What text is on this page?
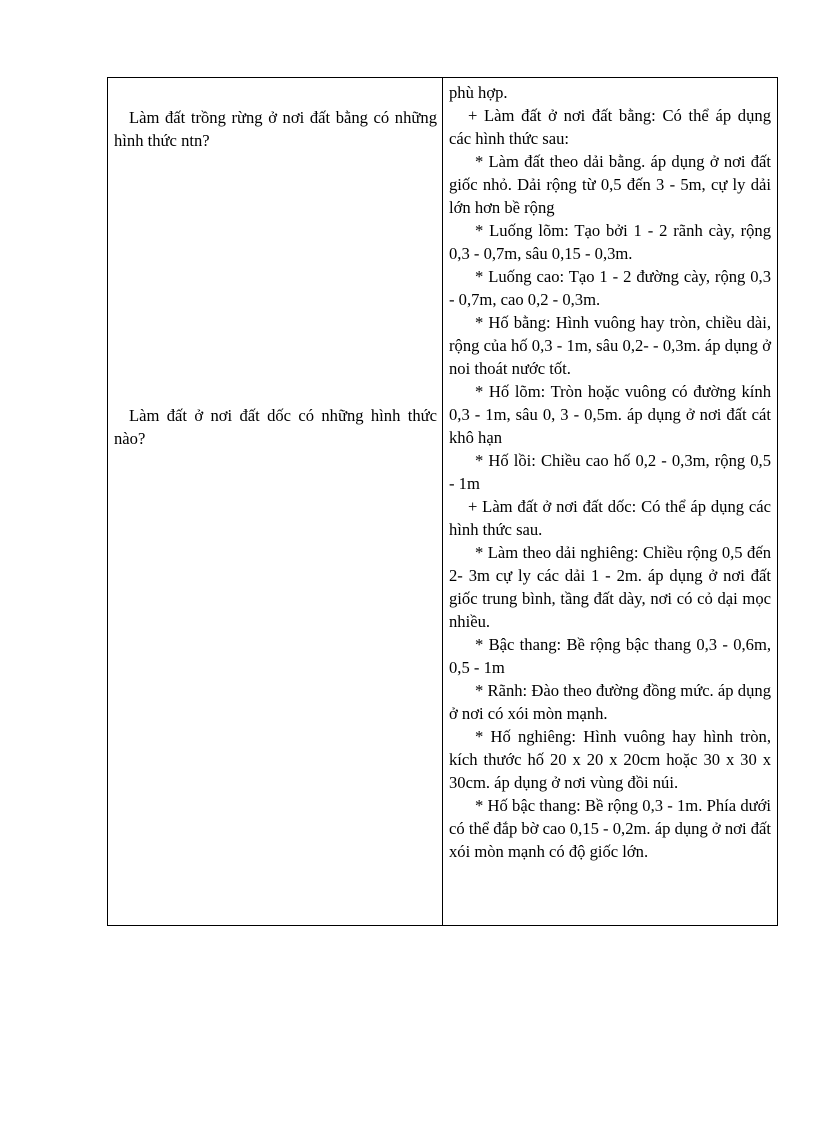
Làm đất trồng rừng ở nơi đất bằng có những hình thức ntn?

Làm đất ở nơi đất dốc có những hình thức nào?

phù hợp.

+ Làm đất ở nơi đất bằng: Có thể áp dụng các hình thức sau:

* Làm đất theo dải bằng. áp dụng ở nơi đất giốc nhỏ. Dải rộng từ 0,5 đến 3 - 5m, cự ly dải lớn hơn bề rộng

* Luống lõm: Tạo bởi 1 - 2 rãnh cày, rộng 0,3 - 0,7m, sâu 0,15 - 0,3m.

* Luống cao: Tạo 1 - 2 đường cày, rộng 0,3 - 0,7m, cao 0,2 - 0,3m.

* Hố bằng: Hình vuông hay tròn, chiều dài, rộng của hố 0,3 - 1m, sâu 0,2- - 0,3m. áp dụng ở noi thoát nước tốt.

* Hố lõm: Tròn hoặc vuông có đường kính 0,3 - 1m, sâu 0, 3 - 0,5m. áp dụng ở nơi đất cát khô hạn

* Hố lồi: Chiều cao hố 0,2 - 0,3m, rộng 0,5 - 1m

+ Làm đất ở nơi đất dốc: Có thể áp dụng các hình thức sau.

* Làm theo dải nghiêng: Chiều rộng 0,5 đến 2- 3m cự ly các dải 1 - 2m. áp dụng ở nơi đất giốc trung bình, tầng đất dày, nơi có cỏ dại mọc nhiều.

* Bậc thang: Bề rộng bậc thang 0,3 - 0,6m, 0,5 - 1m

* Rãnh: Đào theo đường đồng mức. áp dụng ở nơi có xói mòn mạnh.

* Hố nghiêng: Hình vuông hay hình tròn, kích thước hố 20 x 20 x 20cm hoặc 30 x 30 x 30cm. áp dụng ở nơi vùng đồi núi.

* Hố bậc thang: Bề rộng 0,3 - 1m. Phía dưới có thể đắp bờ cao 0,15 - 0,2m. áp dụng ở nơi đất xói mòn mạnh có độ giốc lớn.
